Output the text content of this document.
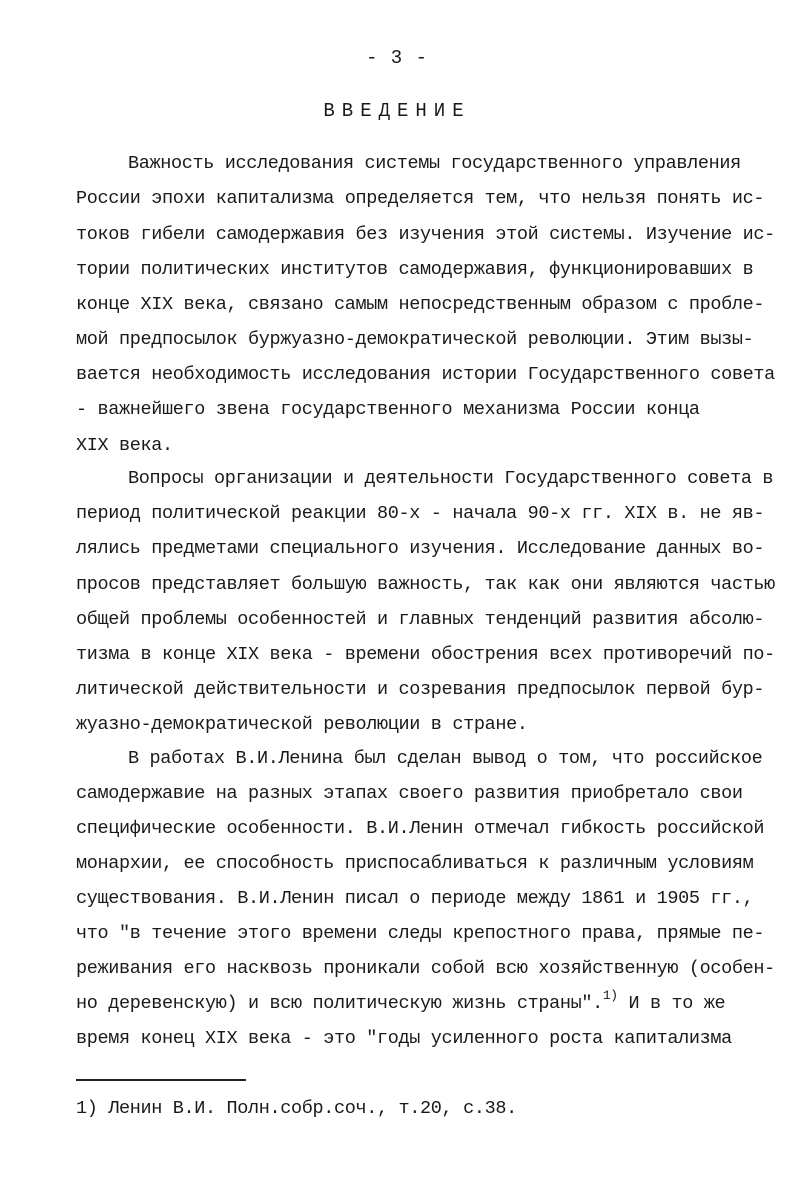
- 3 -
ВВЕДЕНИЕ
Важность исследования системы государственного управления
России эпохи капитализма определяется тем, что нельзя понять ис-
токов гибели самодержавия без изучения этой системы. Изучение ис-
тории политических институтов самодержавия, функционировавших в
конце XIX века, связано самым непосредственным образом с пробле-
мой предпосылок буржуазно-демократической революции. Этим вызы-
вается необходимость исследования истории Государственного совета
- важнейшего звена государственного механизма России конца
XIX века.
Вопросы организации и деятельности Государственного совета в
период политической реакции 80-х - начала 90-х гг. XIX в. не яв-
лялись предметами специального изучения. Исследование данных во-
просов представляет большую важность, так как они являются частью
общей проблемы особенностей и главных тенденций развития абсолю-
тизма в конце XIX века - времени обострения всех противоречий по-
литической действительности и созревания предпосылок первой бур-
жуазно-демократической революции в стране.
В работах В.И.Ленина был сделан вывод о том, что российское
самодержавие на разных этапах своего развития приобретало свои
специфические особенности. В.И.Ленин отмечал гибкость российской
монархии, ее способность приспосабливаться к различным условиям
существования. В.И.Ленин писал о периоде между 1861 и 1905 гг.,
что "в течение этого времени следы крепостного права, прямые пе-
реживания его насквозь проникали собой всю хозяйственную (особен-
но деревенскую) и всю политическую жизнь страны".$^{1)}$ И в то же
время конец XIX века - это "годы усиленного роста капитализма
1) Ленин В.И. Полн.собр.соч., т.20, с.38.
